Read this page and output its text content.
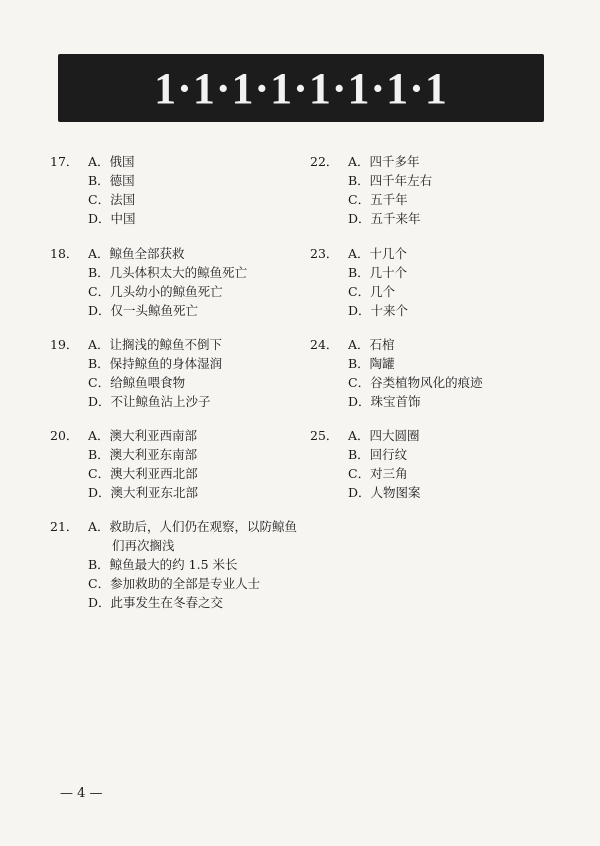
1·1·1·1·1·1·1·1
17． A．俄国
B．德国
C．法国
D．中国
18． A．鲸鱼全部获救
B．几头体积太大的鲸鱼死亡
C．几头幼小的鲸鱼死亡
D．仅一头鲸鱼死亡
19． A．让搁浅的鲸鱼不倒下
B．保持鲸鱼的身体湿润
C．给鲸鱼喂食物
D．不让鲸鱼沾上沙子
20． A．澳大利亚西南部
B．澳大利亚东南部
C．澳大利亚西北部
D．澳大利亚东北部
22． A．四千多年
B．四千年左右
C．五千年
D．五千来年
23． A．十几个
B．几十个
C．几个
D．十来个
24． A．石棺
B．陶罐
C．谷类植物风化的痕迹
D．珠宝首饰
25． A．四大圆圈
B．回行纹
C．对三角
D．人物图案
21． A．救助后，人们仍在观察，以防鲸鱼
们再次搁浅
B．鲸鱼最大的约 1.5 米长
C．参加救助的全部是专业人士
D．此事发生在冬春之交
— 4 —
